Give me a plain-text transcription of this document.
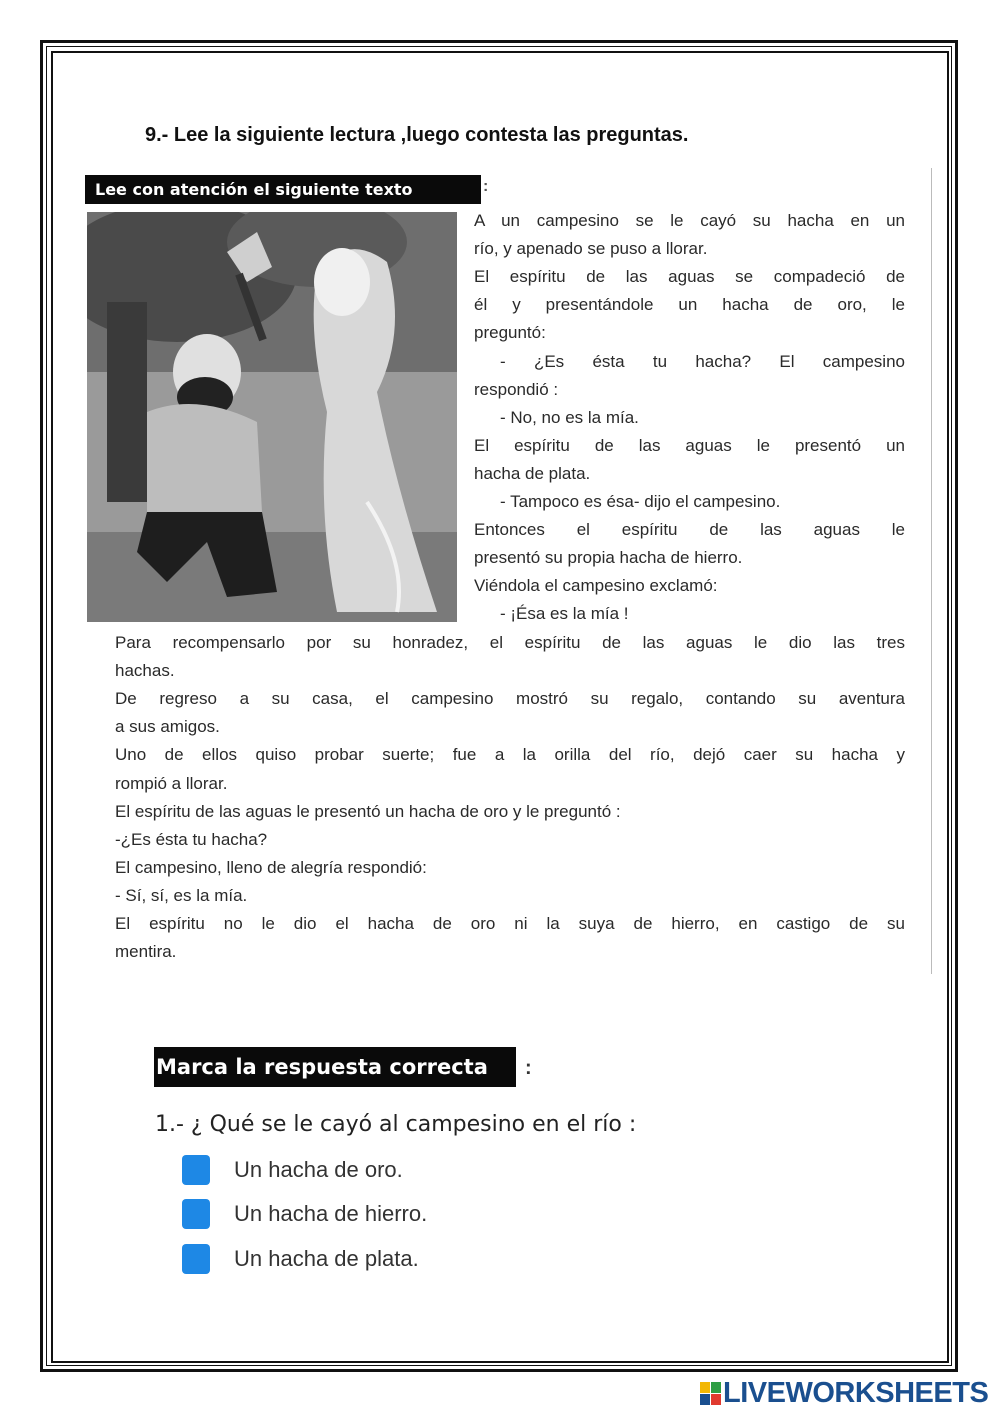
9.- Lee la siguiente lectura ,luego contesta las preguntas.
Lee con atención el siguiente texto	:
A un campesino se le cayó su hacha en un
río, y apenado se puso a llorar.
El espíritu de las aguas se compadeció de
él y presentándole un hacha de oro, le
preguntó:
- ¿Es ésta tu hacha? El campesino
respondió :
- No, no es la mía.
El espíritu de las aguas le presentó un
hacha de plata.
- Tampoco es ésa- dijo el campesino.
Entonces el espíritu de las aguas le
presentó su propia hacha de hierro.
Viéndola el campesino exclamó:
- ¡Ésa es la mía !
Para recompensarlo por su honradez, el espíritu de las aguas le dio las tres
hachas.
De regreso a su casa, el campesino mostró su regalo, contando su aventura
a sus amigos.
Uno de ellos quiso probar suerte; fue a la orilla del río, dejó caer su hacha y
rompió a llorar.
El espíritu de las aguas le presentó un hacha de oro y le preguntó :
-¿Es ésta tu hacha?
El campesino, lleno de alegría respondió:
- Sí, sí, es la mía.
El espíritu no le dio el hacha de oro ni la suya de hierro, en castigo de su
mentira.
Marca la respuesta correcta	:
1.- ¿ Qué se le cayó al campesino en el río :
Un hacha de oro.
Un hacha de hierro.
Un hacha de plata.
LIVEWORKSHEETS
